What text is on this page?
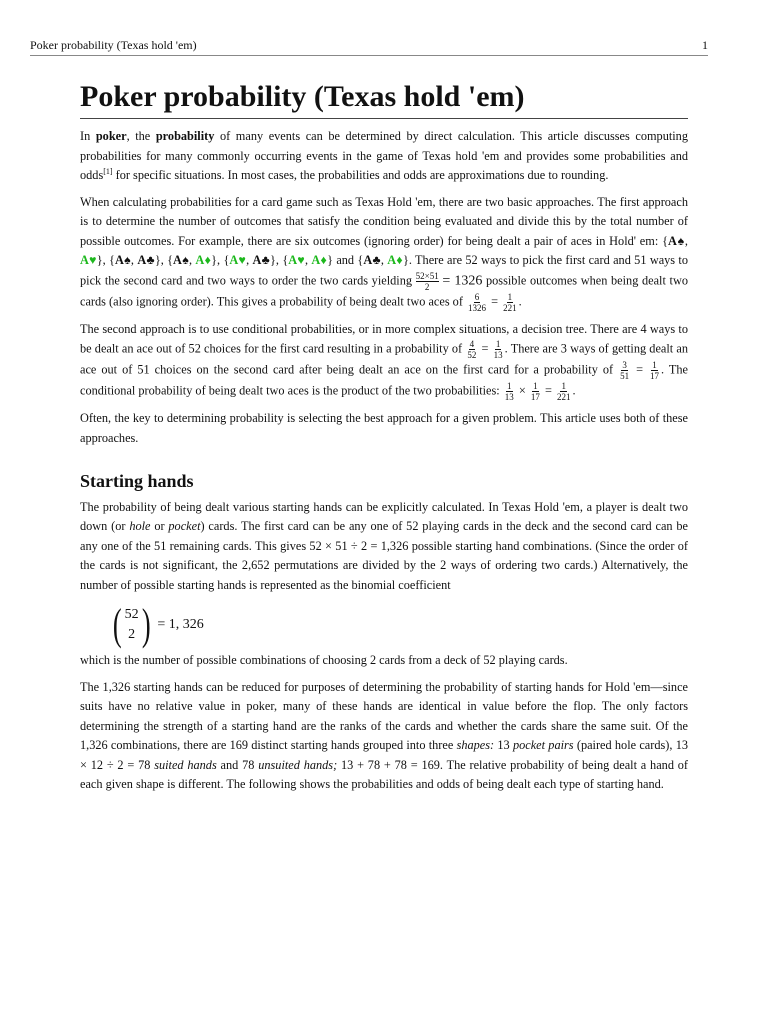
Poker probability (Texas hold 'em)	1
Poker probability (Texas hold 'em)

In poker, the probability of many events can be determined by direct calculation. This article discusses computing probabilities for many commonly occurring events in the game of Texas hold 'em and provides some probabilities and odds[1] for specific situations. In most cases, the probabilities and odds are approximations due to rounding.

When calculating probabilities for a card game such as Texas Hold 'em, there are two basic approaches. The first approach is to determine the number of outcomes that satisfy the condition being evaluated and divide this by the total number of possible outcomes. For example, there are six outcomes (ignoring order) for being dealt a pair of aces in Hold' em: {A♠, A♥}, {A♠, A♣}, {A♠, A♦}, {A♥, A♣}, {A♥, A♦} and {A♣, A♦}. There are 52 ways to pick the first card and 51 ways to pick the second card and two ways to order the two cards yielding $\frac{52\times 51}{2} = 1326$ possible outcomes when being dealt two cards (also ignoring order). This gives a probability of being dealt two aces of $\frac{6}{1326} = \frac{1}{221}$ .

The second approach is to use conditional probabilities, or in more complex situations, a decision tree. There are 4 ways to be dealt an ace out of 52 choices for the first card resulting in a probability of $\frac{4}{52} = \frac{1}{13}$ . There are 3 ways of getting dealt an ace out of 51 choices on the second card after being dealt an ace on the first card for a probability of $\frac{3}{51} = \frac{1}{17}$ . The conditional probability of being dealt two aces is the product of the two probabilities: $\frac{1}{13} \times \frac{1}{17} = \frac{1}{221}$ .

Often, the key to determining probability is selecting the best approach for a given problem. This article uses both of these approaches.

Starting hands

The probability of being dealt various starting hands can be explicitly calculated. In Texas Hold 'em, a player is dealt two down (or hole or pocket) cards. The first card can be any one of 52 playing cards in the deck and the second card can be any one of the 51 remaining cards. This gives 52 × 51 ÷ 2 = 1,326 possible starting hand combinations. (Since the order of the cards is not significant, the 2,652 permutations are divided by the 2 ways of ordering two cards.) Alternatively, the number of possible starting hands is represented as the binomial coefficient

( 52
2 ) = 1, 326

which is the number of possible combinations of choosing 2 cards from a deck of 52 playing cards.

The 1,326 starting hands can be reduced for purposes of determining the probability of starting hands for Hold 'em—since suits have no relative value in poker, many of these hands are identical in value before the flop. The only factors determining the strength of a starting hand are the ranks of the cards and whether the cards share the same suit. Of the 1,326 combinations, there are 169 distinct starting hands grouped into three shapes: 13 pocket pairs (paired hole cards), 13 × 12 ÷ 2 = 78 suited hands and 78 unsuited hands; 13 + 78 + 78 = 169. The relative probability of being dealt a hand of each given shape is different. The following shows the probabilities and odds of being dealt each type of starting hand.
